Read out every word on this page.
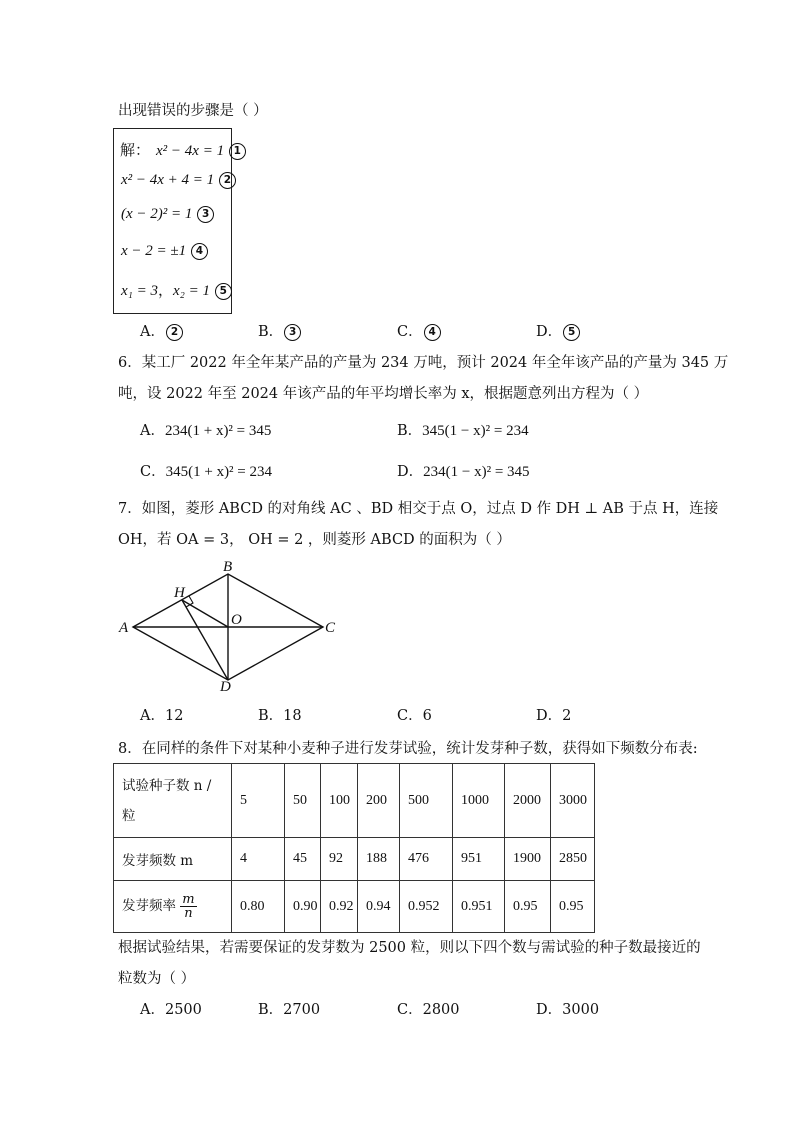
出现错误的步骤是（ ）
解： x² − 4x = 1 1
x² − 4x + 4 = 1 2
(x − 2)² = 1 3
x − 2 = ±1 4
x₁ = 3，x₂ = 1 5
A． 2	B． 3	C． 4	D． 5
6．某工厂 2022 年全年某产品的产量为 234 万吨，预计 2024 年全年该产品的产量为 345 万
吨，设 2022 年至 2024 年该产品的年平均增长率为 x，根据题意列出方程为（ ）
A．234(1 + x)² = 345	B．345(1 − x)² = 234
C．345(1 + x)² = 234	D．234(1 − x)² = 345
7．如图，菱形 ABCD 的对角线 AC 、BD 相交于点 O，过点 D 作 DH ⊥ AB 于点 H，连接
OH，若 OA = 3， OH = 2 ，则菱形 ABCD 的面积为（ ）
A
B
C
D
H
O
A．12	B．18	C．6	D．2
8．在同样的条件下对某种小麦种子进行发芽试验，统计发芽种子数，获得如下频数分布表:
试验种子数 n /
粒	5	50	100	200	500	1000	2000	3000
发芽频数 m	4	45	92	188	476	951	1900	2850
发芽频率 $\frac{m}{n}$	0.80	0.90	0.92	0.94	0.952	0.951	0.95	0.95
根据试验结果，若需要保证的发芽数为 2500 粒，则以下四个数与需试验的种子数最接近的
粒数为（ ）
A．2500	B．2700	C．2800	D．3000
